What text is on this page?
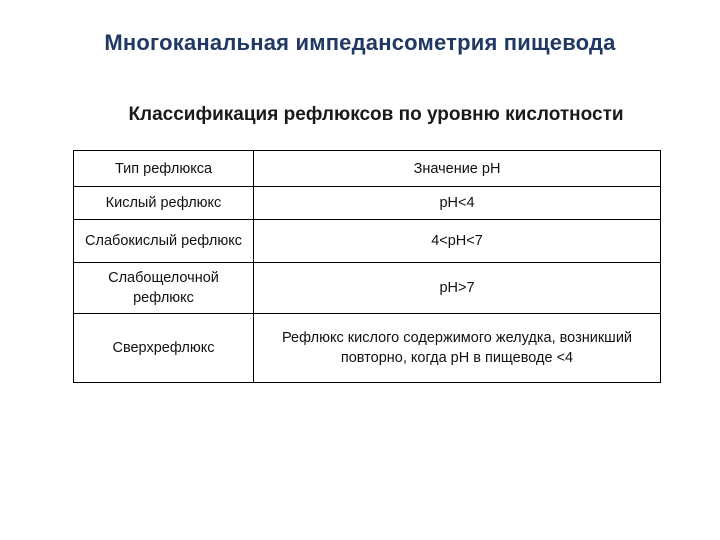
Многоканальная импедансометрия пищевода
Классификация рефлюксов по уровню кислотности
Тип рефлюкса	Значение pH
Кислый рефлюкс	pH<4
Слабокислый рефлюкс	4<pH<7
Слабощелочной рефлюкс	pH>7
Сверхрефлюкс	Рефлюкс кислого содержимого желудка, возникший повторно, когда pH в пищеводе <4
